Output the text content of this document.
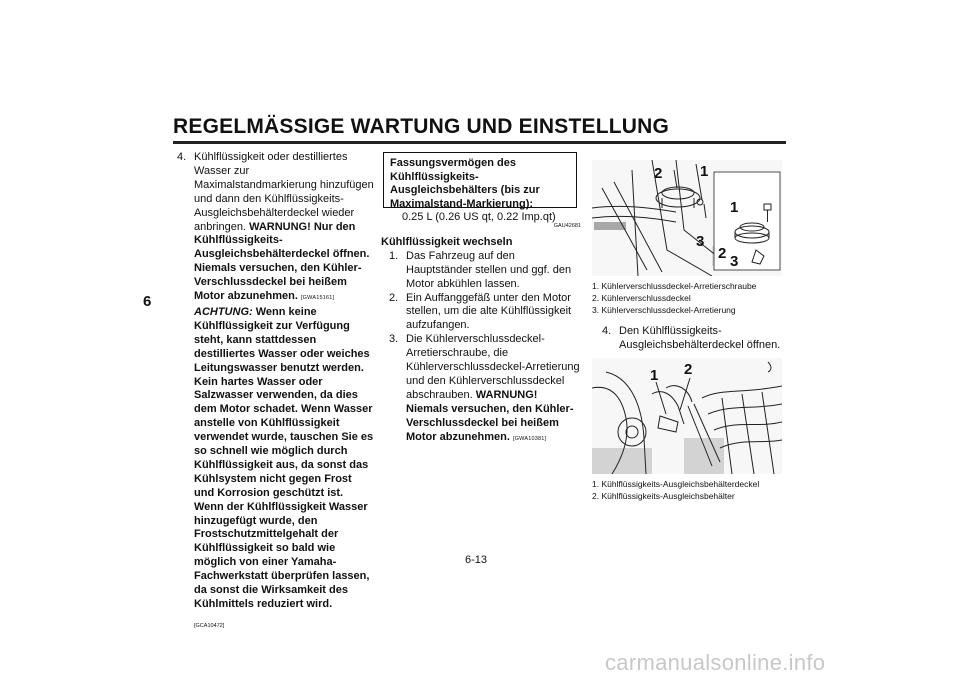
REGELMÄSSIGE WARTUNG UND EINSTELLUNG
6
4. Kühlflüssigkeit oder destilliertes Wasser zur Maximalstandmarkierung hinzufügen und dann den Kühlflüssigkeits-Ausgleichsbehälterdeckel wieder anbringen. WARNUNG! Nur den Kühlflüssigkeits-Ausgleichsbehälterdeckel öffnen. Niemals versuchen, den Kühler-Verschlussdeckel bei heißem Motor abzunehmen. [GWA15161] ACHTUNG: Wenn keine Kühlflüssigkeit zur Verfügung steht, kann stattdessen destilliertes Wasser oder weiches Leitungswasser benutzt werden. Kein hartes Wasser oder Salzwasser verwenden, da dies dem Motor schadet. Wenn Wasser anstelle von Kühlflüssigkeit verwendet wurde, tauschen Sie es so schnell wie möglich durch Kühlflüssigkeit aus, da sonst das Kühlsystem nicht gegen Frost und Korrosion geschützt ist. Wenn der Kühlflüssigkeit Wasser hinzugefügt wurde, den Frostschutzmittelgehalt der Kühlflüssigkeit so bald wie möglich von einer Yamaha-Fachwerkstatt überprüfen lassen, da sonst die Wirksamkeit des Kühlmittels reduziert wird.
[GCA10472]
Fassungsvermögen des Kühlflüssigkeits-Ausgleichsbehälters (bis zur Maximalstand-Markierung):
0.25 L (0.26 US qt, 0.22 Imp.qt)
GAU42681
Kühlflüssigkeit wechseln
1. Das Fahrzeug auf den Hauptständer stellen und ggf. den Motor abkühlen lassen.
2. Ein Auffanggefäß unter den Motor stellen, um die alte Kühlflüssigkeit aufzufangen.
3. Die Kühlerverschlussdeckel-Arretierschraube, die Kühlerverschlussdeckel-Arretierung und den Kühlerverschlussdeckel abschrauben. WARNUNG! Niemals versuchen, den Kühler-Verschlussdeckel bei heißem Motor abzunehmen. [GWA10381]
2	1
3
1
2 3
1. Kühlerverschlussdeckel-Arretierschraube
2. Kühlerverschlussdeckel
3. Kühlerverschlussdeckel-Arretierung
4. Den Kühlflüssigkeits-Ausgleichsbehälterdeckel öffnen.
1 2
1. Kühlflüssigkeits-Ausgleichsbehälterdeckel
2. Kühlflüssigkeits-Ausgleichsbehälter
6-13
carmanualsonline.info
